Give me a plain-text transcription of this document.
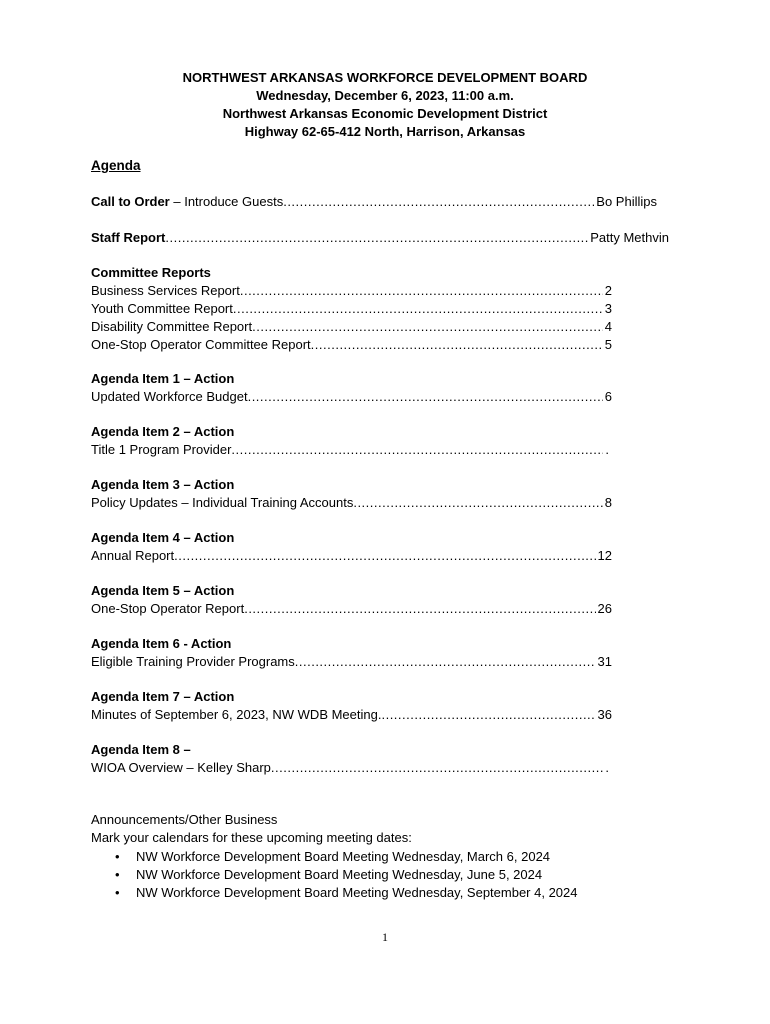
NORTHWEST ARKANSAS WORKFORCE DEVELOPMENT BOARD
Wednesday, December 6, 2023, 11:00 a.m.
Northwest Arkansas Economic Development District
Highway 62-65-412 North, Harrison, Arkansas
Agenda
Call to Order – Introduce Guests .....	Bo Phillips
Staff Report .....	Patty Methvin
Committee Reports
Business Services Report .....	2
Youth Committee Report .....	3
Disability Committee Report .....	4
One-Stop Operator Committee Report .....	5
Agenda Item 1 – Action
Updated Workforce Budget .....	6
Agenda Item 2 – Action
Title 1 Program Provider .....	.
Agenda Item 3 – Action
Policy Updates – Individual Training Accounts .....	8
Agenda Item 4 – Action
Annual Report .....	12
Agenda Item 5 – Action
One-Stop Operator Report .....	26
Agenda Item 6 - Action
Eligible Training Provider Programs .....	31
Agenda Item 7 – Action
Minutes of September 6, 2023, NW WDB Meeting. .....	36
Agenda Item 8 –
WIOA Overview – Kelley Sharp .....	.
Announcements/Other Business
Mark your calendars for these upcoming meeting dates:
• NW Workforce Development Board Meeting Wednesday, March 6, 2024
• NW Workforce Development Board Meeting Wednesday, June 5, 2024
• NW Workforce Development Board Meeting Wednesday, September 4, 2024
1
